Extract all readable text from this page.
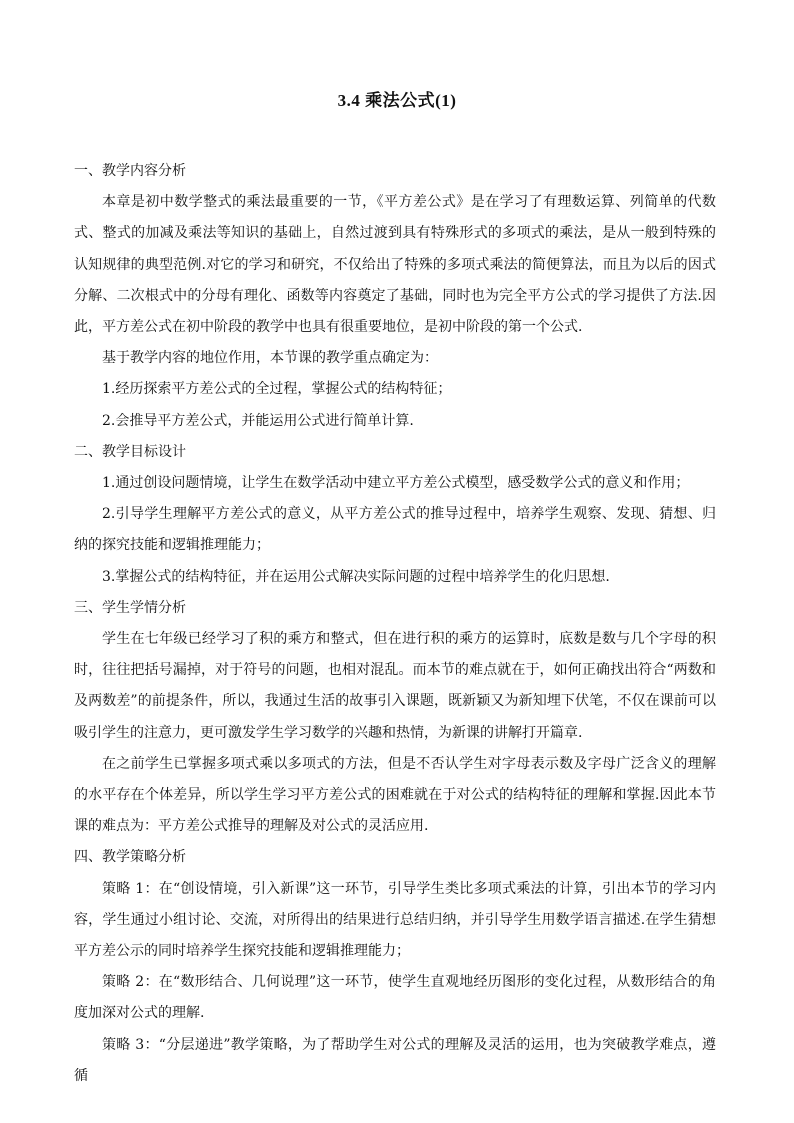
3.4 乘法公式(1)

一、教学内容分析

本章是初中数学整式的乘法最重要的一节，《平方差公式》是在学习了有理数运算、列简单的代数式、整式的加减及乘法等知识的基础上，自然过渡到具有特殊形式的多项式的乘法，是从一般到特殊的认知规律的典型范例.对它的学习和研究，不仅给出了特殊的多项式乘法的简便算法，而且为以后的因式分解、二次根式中的分母有理化、函数等内容奠定了基础，同时也为完全平方公式的学习提供了方法.因此，平方差公式在初中阶段的教学中也具有很重要地位，是初中阶段的第一个公式.

基于教学内容的地位作用，本节课的教学重点确定为：

1.经历探索平方差公式的全过程，掌握公式的结构特征；

2.会推导平方差公式，并能运用公式进行简单计算.

二、教学目标设计

1.通过创设问题情境，让学生在数学活动中建立平方差公式模型，感受数学公式的意义和作用；

2.引导学生理解平方差公式的意义，从平方差公式的推导过程中，培养学生观察、发现、猜想、归纳的探究技能和逻辑推理能力；

3.掌握公式的结构特征，并在运用公式解决实际问题的过程中培养学生的化归思想.

三、学生学情分析

学生在七年级已经学习了积的乘方和整式，但在进行积的乘方的运算时，底数是数与几个字母的积时，往往把括号漏掉，对于符号的问题，也相对混乱。而本节的难点就在于，如何正确找出符合“两数和及两数差”的前提条件，所以，我通过生活的故事引入课题，既新颖又为新知埋下伏笔，不仅在课前可以吸引学生的注意力，更可激发学生学习数学的兴趣和热情，为新课的讲解打开篇章.

在之前学生已掌握多项式乘以多项式的方法，但是不否认学生对字母表示数及字母广泛含义的理解的水平存在个体差异，所以学生学习平方差公式的困难就在于对公式的结构特征的理解和掌握.因此本节课的难点为：平方差公式推导的理解及对公式的灵活应用.

四、教学策略分析

策略 1：在“创设情境，引入新课”这一环节，引导学生类比多项式乘法的计算，引出本节的学习内容，学生通过小组讨论、交流，对所得出的结果进行总结归纳，并引导学生用数学语言描述.在学生猜想平方差公示的同时培养学生探究技能和逻辑推理能力；

策略 2：在“数形结合、几何说理”这一环节，使学生直观地经历图形的变化过程，从数形结合的角度加深对公式的理解.

策略 3：“分层递进”教学策略，为了帮助学生对公式的理解及灵活的运用，也为突破教学难点，遵循
